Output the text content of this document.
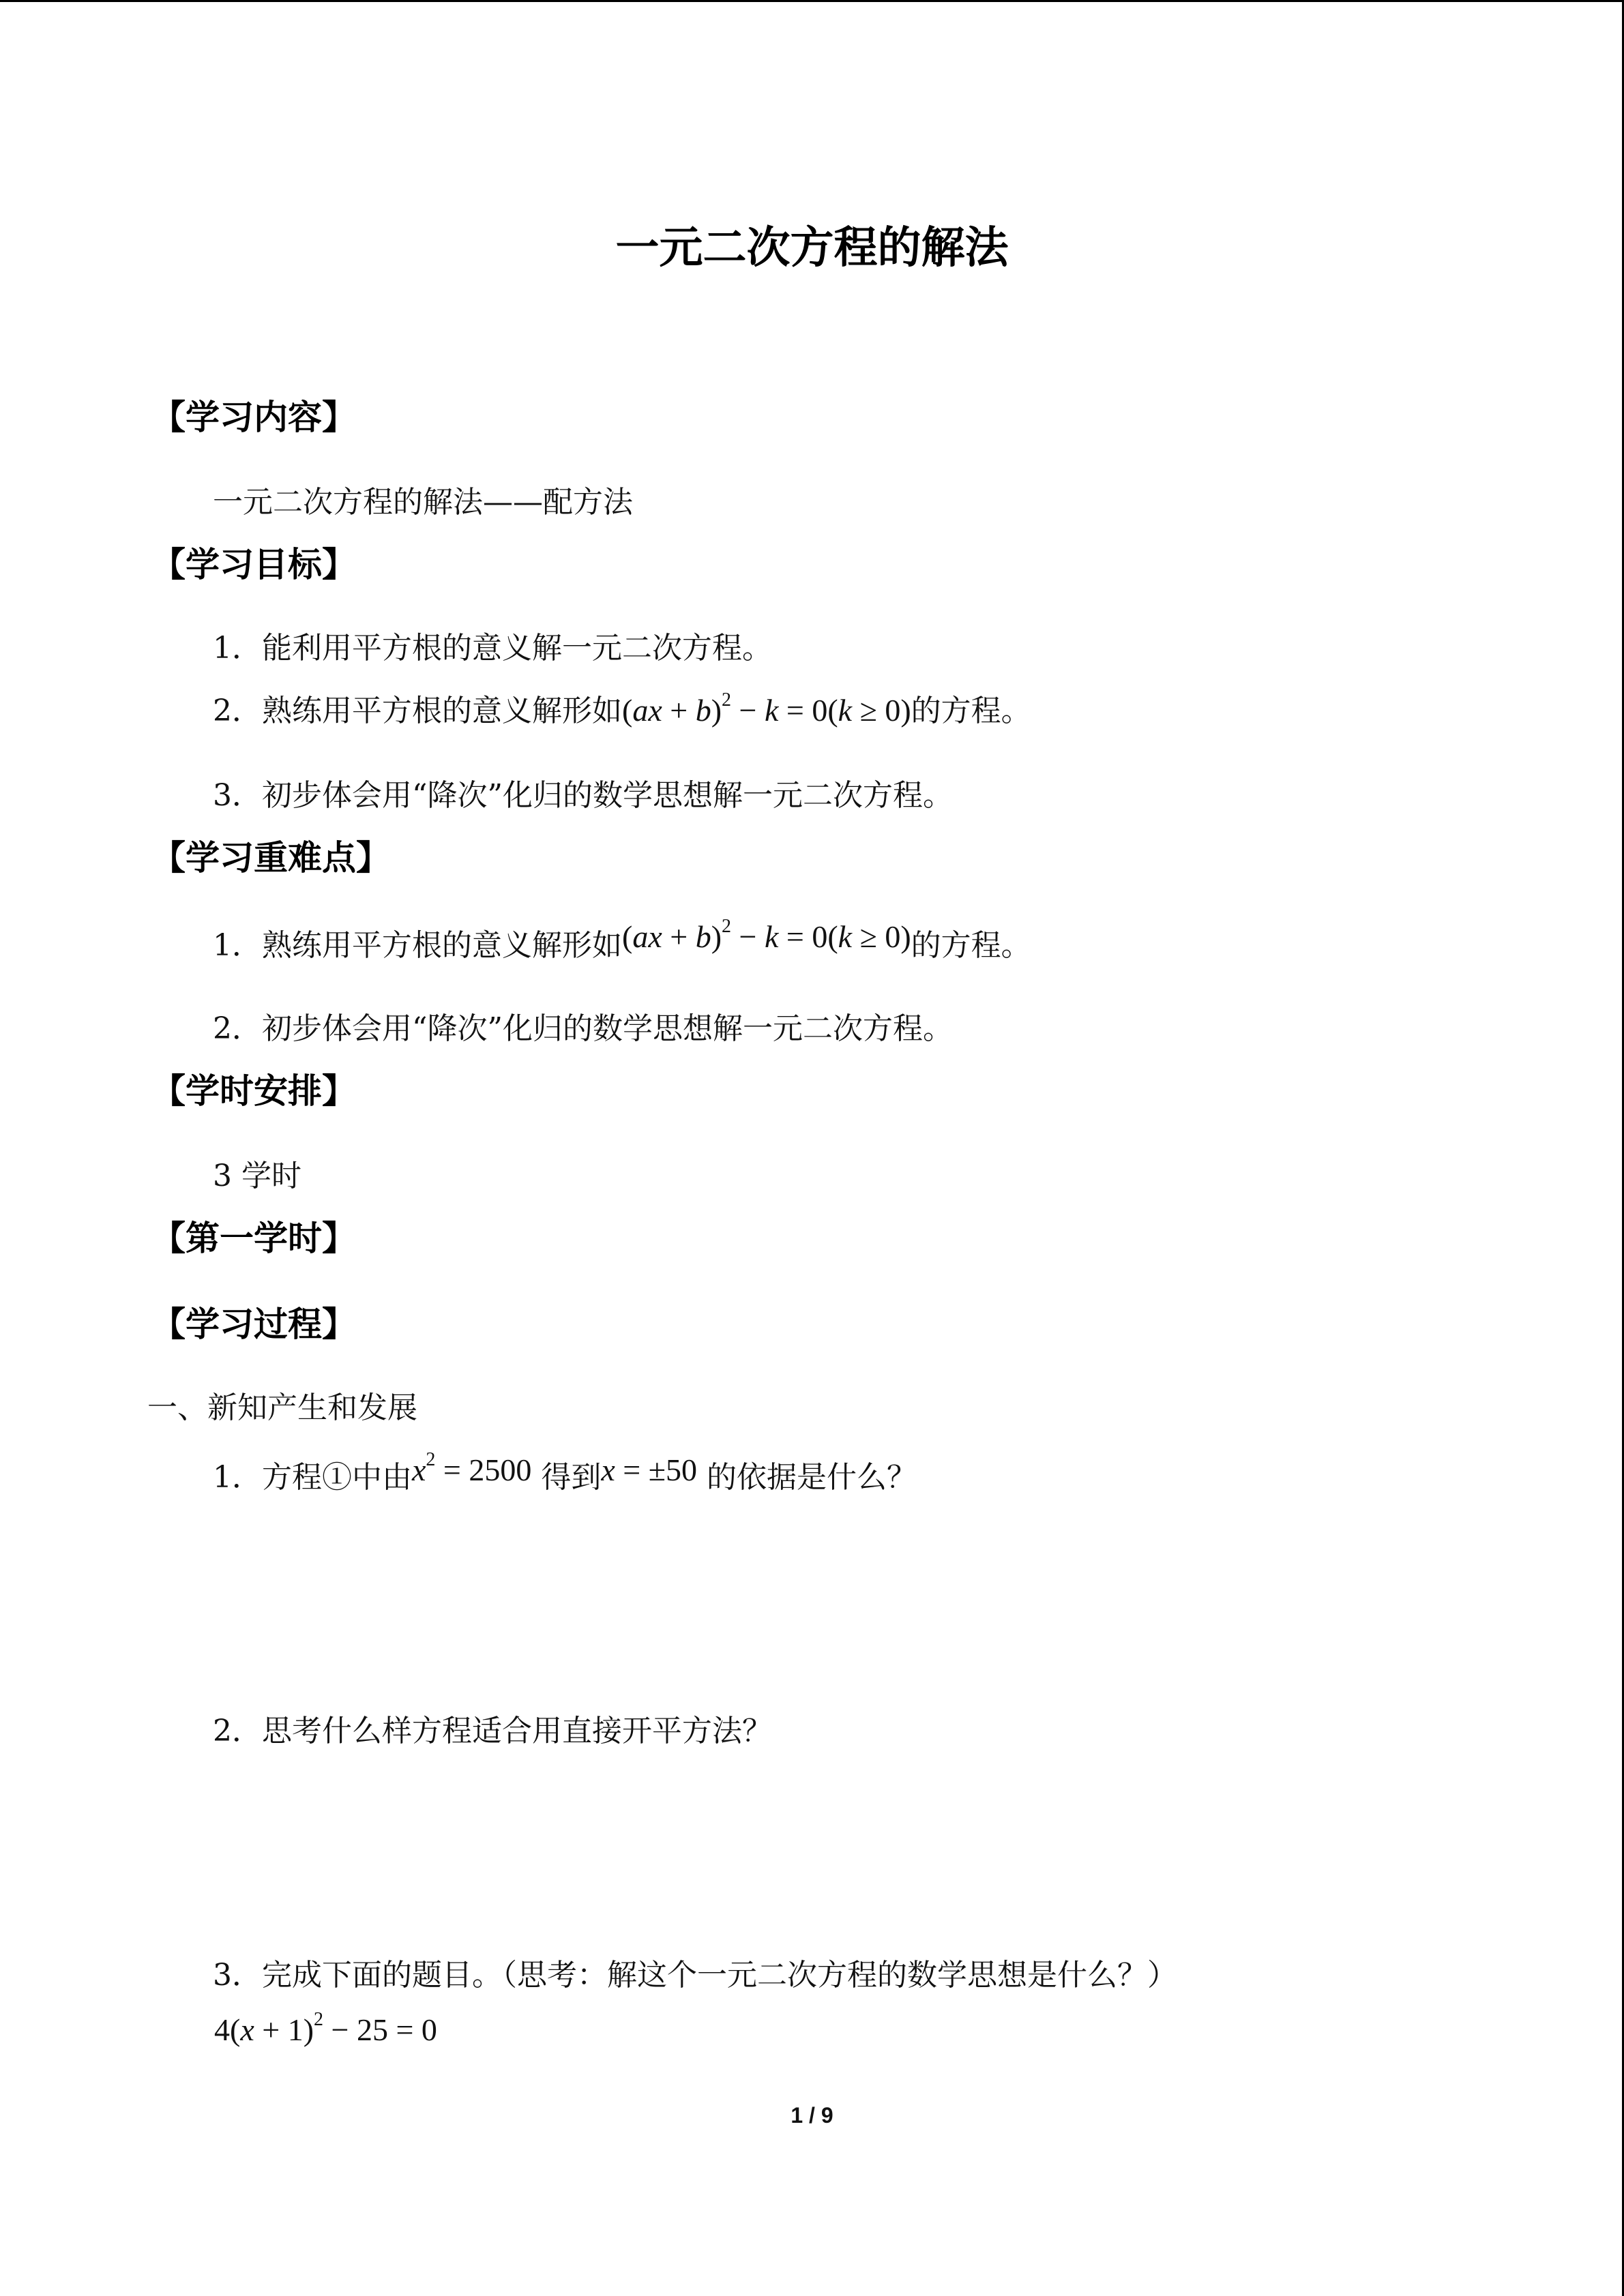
一元二次方程的解法
【学习内容】
一元二次方程的解法——配方法
【学习目标】
1．能利用平方根的意义解一元二次方程。
2．熟练用平方根的意义解形如(ax + b)$^2$ − k = 0(k ≥ 0)的方程。
3．初步体会用“降次”化归的数学思想解一元二次方程。
【学习重难点】
1．熟练用平方根的意义解形如(ax + b)$^2$ − k = 0(k ≥ 0)的方程。
2．初步体会用“降次”化归的数学思想解一元二次方程。
【学时安排】
3 学时
【第一学时】
【学习过程】
一、新知产生和发展
1．方程①中由$x^2 = 2500$ 得到x = ±50 的依据是什么？
2．思考什么样方程适合用直接开平方法？
3．完成下面的题目。（思考：解这个一元二次方程的数学思想是什么？）
$4(x + 1)^2 - 25 = 0$
1 / 9
